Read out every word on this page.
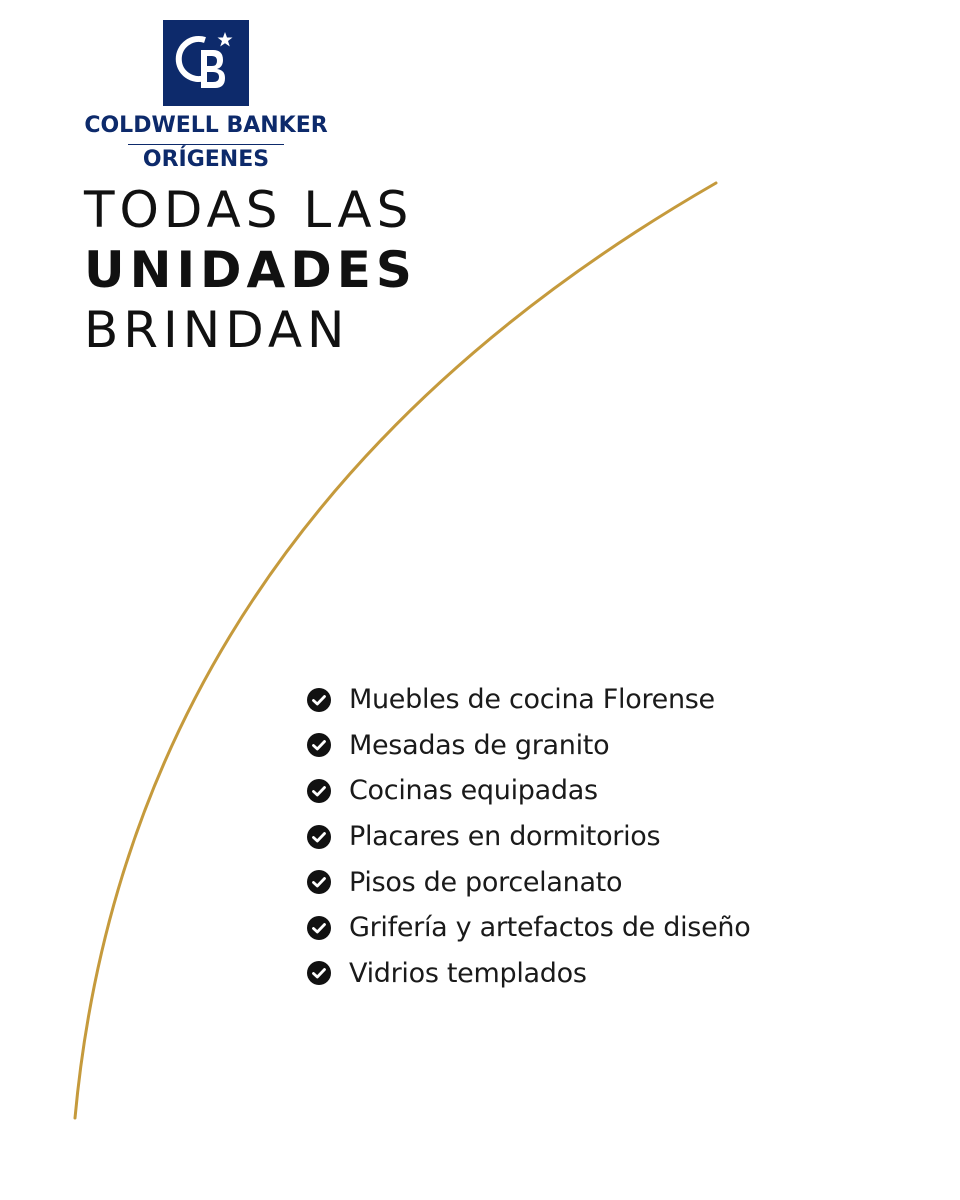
COLDWELL BANKER
ORÍGENES
TODAS LAS
UNIDADES
BRINDAN
Muebles de cocina Florense
Mesadas de granito
Cocinas equipadas
Placares en dormitorios
Pisos de porcelanato
Grifería y artefactos de diseño
Vidrios templados
